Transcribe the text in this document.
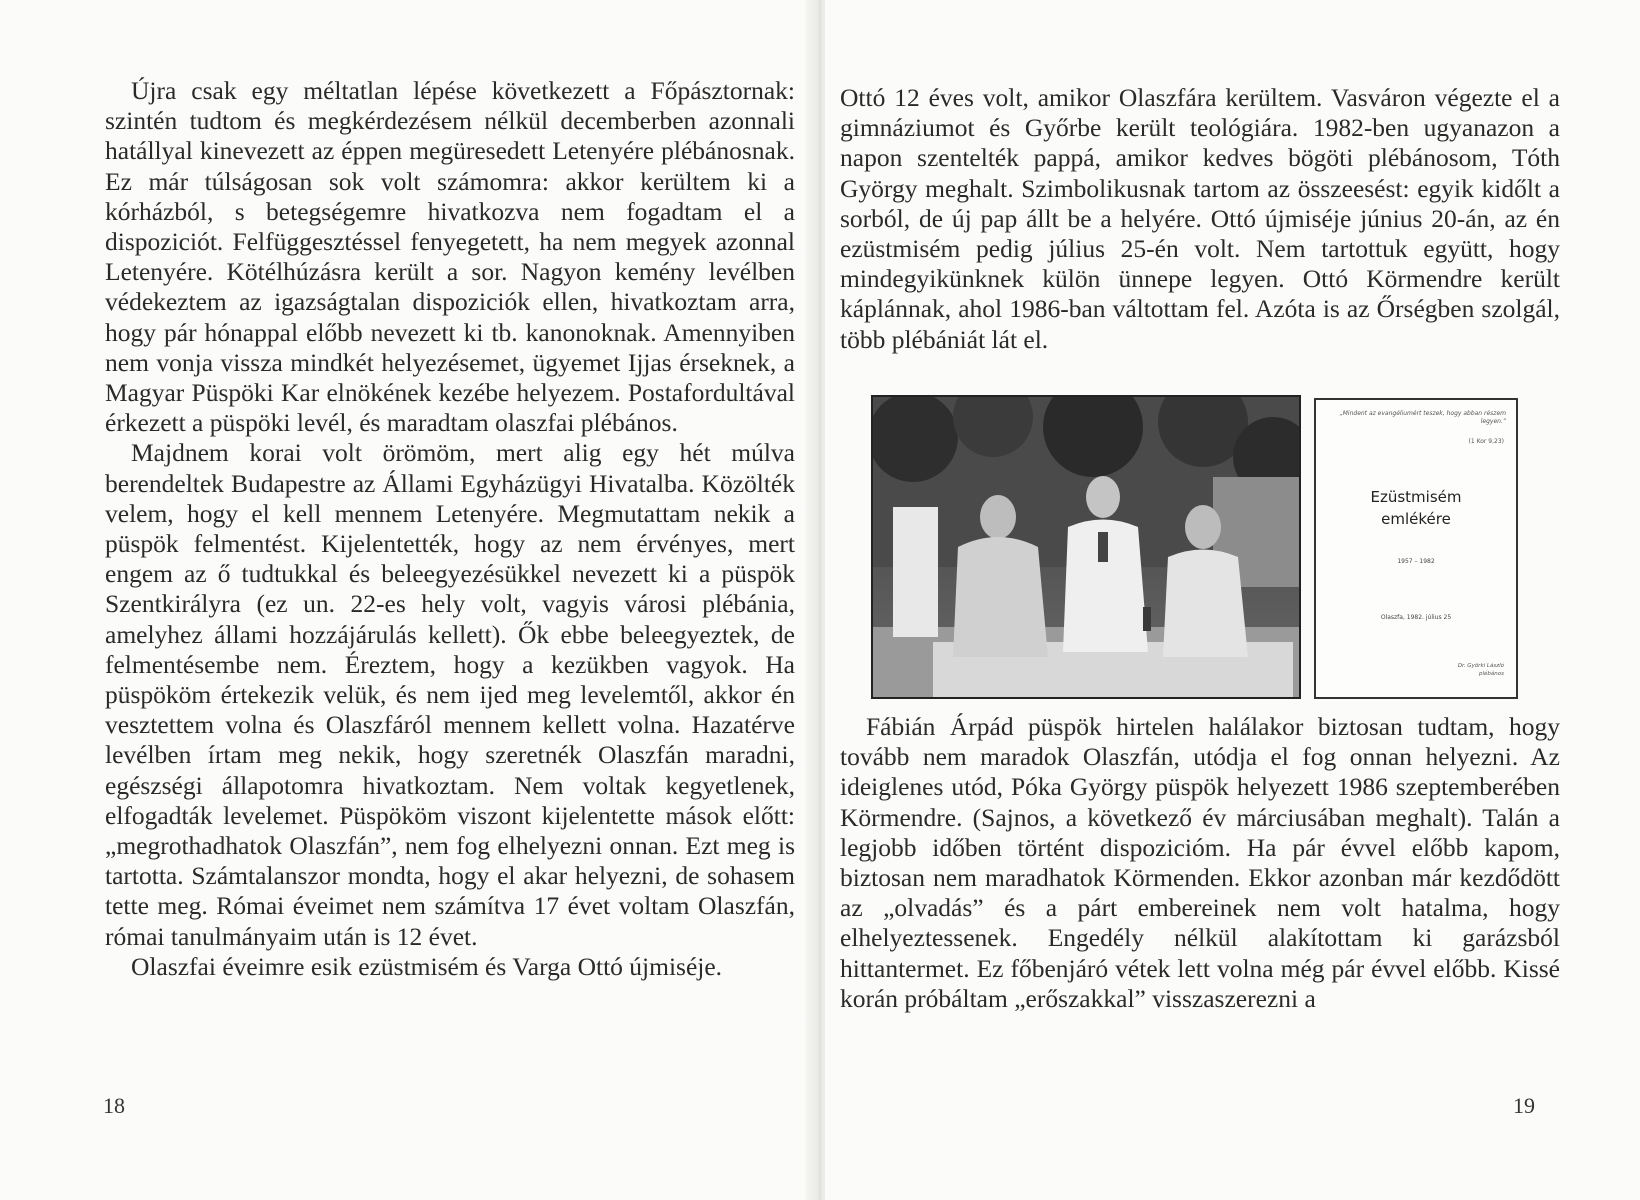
Újra csak egy méltatlan lépése következett a Főpásztornak: szintén tudtom és megkérdezésem nélkül decemberben azonnali hatállyal kinevezett az éppen megüresedett Letenyére plébánosnak. Ez már túlságosan sok volt számomra: akkor kerültem ki a kórházból, s betegségemre hivatkozva nem fogadtam el a dispoziciót. Felfüggesztéssel fenyegetett, ha nem megyek azonnal Letenyére. Kötélhúzásra került a sor. Nagyon kemény levélben védekeztem az igazságtalan dispoziciók ellen, hivatkoztam arra, hogy pár hónappal előbb nevezett ki tb. kanonoknak. Amennyiben nem vonja vissza mindkét helyezésemet, ügyemet Ijjas érseknek, a Magyar Püspöki Kar elnökének kezébe helyezem. Postafordultával érkezett a püspöki levél, és maradtam olaszfai plébános.

Majdnem korai volt örömöm, mert alig egy hét múlva berendeltek Budapestre az Állami Egyházügyi Hivatalba. Közölték velem, hogy el kell mennem Letenyére. Megmutattam nekik a püspök felmentést. Kijelentették, hogy az nem érvényes, mert engem az ő tudtukkal és beleegyezésükkel nevezett ki a püspök Szentkirályra (ez un. 22-es hely volt, vagyis városi plébánia, amelyhez állami hozzájárulás kellett). Ők ebbe beleegyeztek, de felmentésembe nem. Éreztem, hogy a kezükben vagyok. Ha püspököm értekezik velük, és nem ijed meg levelemtől, akkor én vesztettem volna és Olaszfáról mennem kellett volna. Hazatérve levélben írtam meg nekik, hogy szeretnék Olaszfán maradni, egészségi állapotomra hivatkoztam. Nem voltak kegyetlenek, elfogadták levelemet. Püspököm viszont kijelentette mások előtt: „megrothadhatok Olaszfán”, nem fog elhelyezni onnan. Ezt meg is tartotta. Számtalanszor mondta, hogy el akar helyezni, de sohasem tette meg. Római éveimet nem számítva 17 évet voltam Olaszfán, római tanulmányaim után is 12 évet.

Olaszfai éveimre esik ezüstmisém és Varga Ottó újmiséje.

18

Ottó 12 éves volt, amikor Olaszfára kerültem. Vasváron végezte el a gimnáziumot és Győrbe került teológiára. 1982-ben ugyanazon a napon szentelték pappá, amikor kedves bögöti plébánosom, Tóth György meghalt. Szimbolikusnak tartom az összeesést: egyik kidőlt a sorból, de új pap állt be a helyére. Ottó újmiséje június 20-án, az én ezüstmisém pedig július 25-én volt. Nem tartottuk együtt, hogy mindegyikünknek külön ünnepe legyen. Ottó Körmendre került káplánnak, ahol 1986-ban váltottam fel. Azóta is az Őrségben szolgál, több plébániát lát el.

„Mindent az evangéliumért teszek, hogy abban részem legyen.”
(1 Kor 9,23)
Ezüstmisém
emlékére
1957 – 1982
Olaszfa, 1982. július 25
Dr. Györki László
plébános

Fábián Árpád püspök hirtelen halálakor biztosan tudtam, hogy tovább nem maradok Olaszfán, utódja el fog onnan helyezni. Az ideiglenes utód, Póka György püspök helyezett 1986 szeptemberében Körmendre. (Sajnos, a következő év márciusában meghalt). Talán a legjobb időben történt dispozicióm. Ha pár évvel előbb kapom, biztosan nem maradhatok Körmenden. Ekkor azonban már kezdődött az „olvadás” és a párt embereinek nem volt hatalma, hogy elhelyeztessenek. Engedély nélkül alakítottam ki garázsból hittantermet. Ez főbenjáró vétek lett volna még pár évvel előbb. Kissé korán próbáltam „erőszakkal” visszaszerezni a

19
